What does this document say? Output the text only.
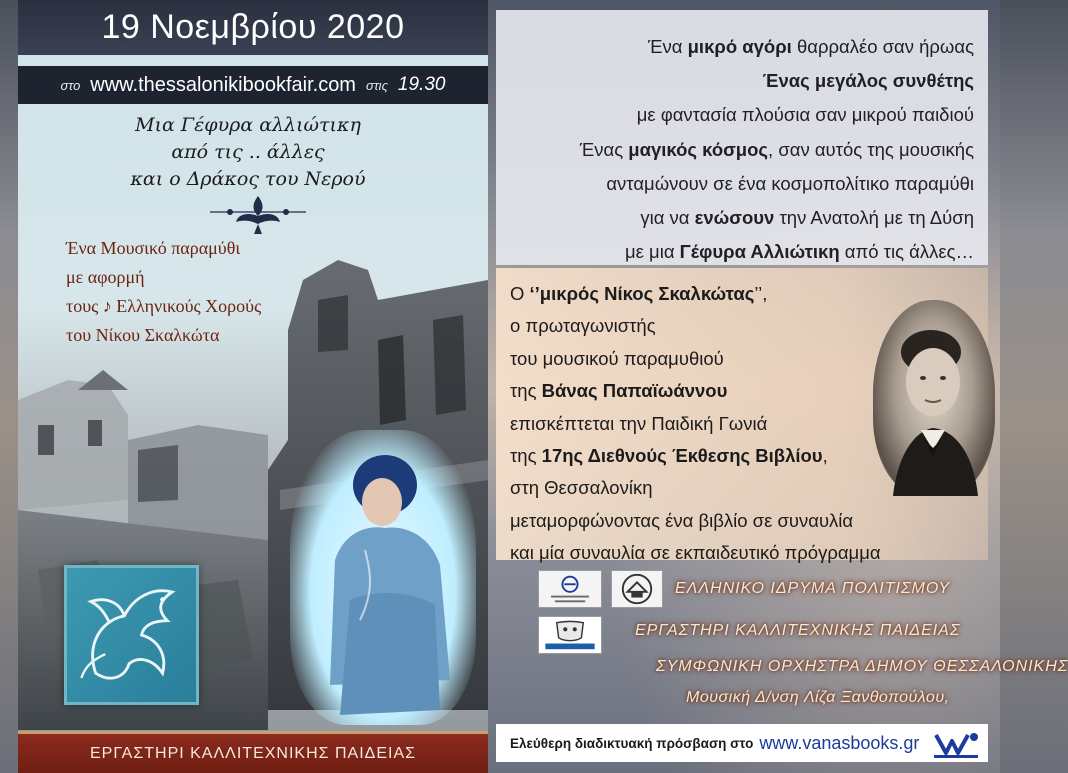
19 Νοεμβρίου 2020
στο www.thessalonikibookfair.com στις 19.30
Μια Γέφυρα αλλιώτικη
από τις .. άλλες
και ο Δράκος του Νερού
Ένα Μουσικό παραμύθι
με αφορμή
τους ♪ Ελληνικούς Χορούς
του Νίκου Σκαλκώτα
ΕΡΓΑΣΤΗΡΙ ΚΑΛΛΙΤΕΧΝΙΚΗΣ ΠΑΙΔΕΙΑΣ
Ένα μικρό αγόρι θαρραλέο σαν ήρωας
Ένας μεγάλος συνθέτης
με φαντασία πλούσια σαν μικρού παιδιού
Ένας μαγικός κόσμος, σαν αυτός της μουσικής
ανταμώνουν σε ένα κοσμοπολίτικο παραμύθι
για να ενώσουν την Ανατολή με τη Δύση
με μια Γέφυρα Αλλιώτικη από τις άλλες…
Ο ‘’μικρός Νίκος Σκαλκώτας’’,
ο πρωταγωνιστής
του μουσικού παραμυθιού
της Βάνας Παπαϊωάννου
επισκέπτεται την Παιδική Γωνιά
της 17ης Διεθνούς Έκθεσης Βιβλίου,
στη Θεσσαλονίκη
μεταμορφώνοντας ένα βιβλίο σε συναυλία
και μία συναυλία σε εκπαιδευτικό πρόγραμμα
ΕΛΛΗΝΙΚΟ ΙΔΡΥΜΑ ΠΟΛΙΤΙΣΜΟΥ
ΕΡΓΑΣΤΗΡΙ ΚΑΛΛΙΤΕΧΝΙΚΗΣ ΠΑΙΔΕΙΑΣ
ΣΥΜΦΩΝΙΚΗ ΟΡΧΗΣΤΡΑ ΔΗΜΟΥ ΘΕΣΣΑΛΟΝΙΚΗΣ
Μουσική Δ/νση Λίζα Ξανθοπούλου,
Ελεύθερη διαδικτυακή πρόσβαση στο www.vanasbooks.gr
